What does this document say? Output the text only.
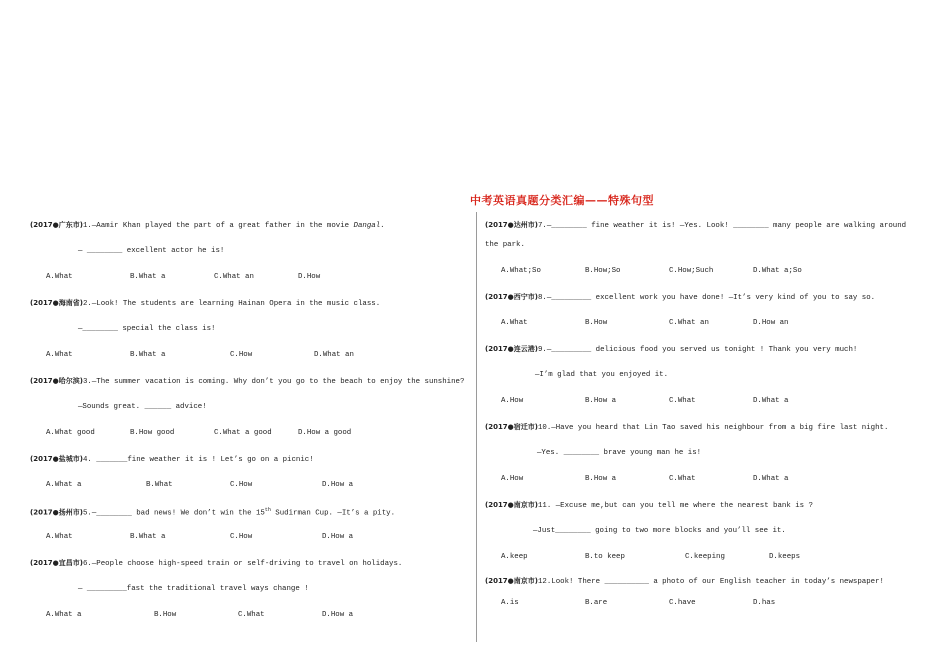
中考英语真题分类汇编——特殊句型
(2017●广东市)1.—Aamir Khan played the part of a great father in the movie Dangal.
— ________ excellent actor he is!
A.What	B.What a	C.What an	D.How
(2017●海南省)2.—Look! The students are learning Hainan Opera in the music class.
—________ special the class is!
A.What	B.What a	C.How	D.What an
(2017●哈尔滨)3.—The summer vacation is coming. Why don’t you go to the beach to enjoy the sunshine?
—Sounds great. ______ advice!
A.What good	B.How good	C.What a good	D.How a good
(2017●盐城市)4. _______fine weather it is ! Let’s go on a picnic!
A.What a	B.What	C.How	D.How a
(2017●扬州市)5.—________ bad news! We don’t win the 15th Sudirman Cup. —It’s a pity.
A.What	B.What a	C.How	D.How a
(2017●宜昌市)6.—People choose high-speed train or self-driving to travel on holidays.
— _________fast the traditional travel ways change !
A.What a	B.How	C.What	D.How a
(2017●达州市)7.—________ fine weather it is! —Yes. Look! ________ many people are walking around
the park.
A.What;So	B.How;So	C.How;Such	D.What a;So
(2017●西宁市)8.—_________ excellent work you have done! —It’s very kind of you to say so.
A.What	B.How	C.What an	D.How an
(2017●连云港)9.—_________ delicious food you served us tonight ! Thank you very much!
—I’m glad that you enjoyed it.
A.How	B.How a	C.What	D.What a
(2017●宿迁市)10.—Have you heard that Lin Tao saved his neighbour from a big fire last night.
—Yes. ________ brave young man he is!
A.How	B.How a	C.What	D.What a
(2017●南京市)11. —Excuse me,but can you tell me where the nearest bank is ?
—Just________ going to two more blocks and you’ll see it.
A.keep	B.to keep	C.keeping	D.keeps
(2017●南京市)12.Look! There __________ a photo of our English teacher in today’s newspaper!
A.is	B.are	C.have	D.has
